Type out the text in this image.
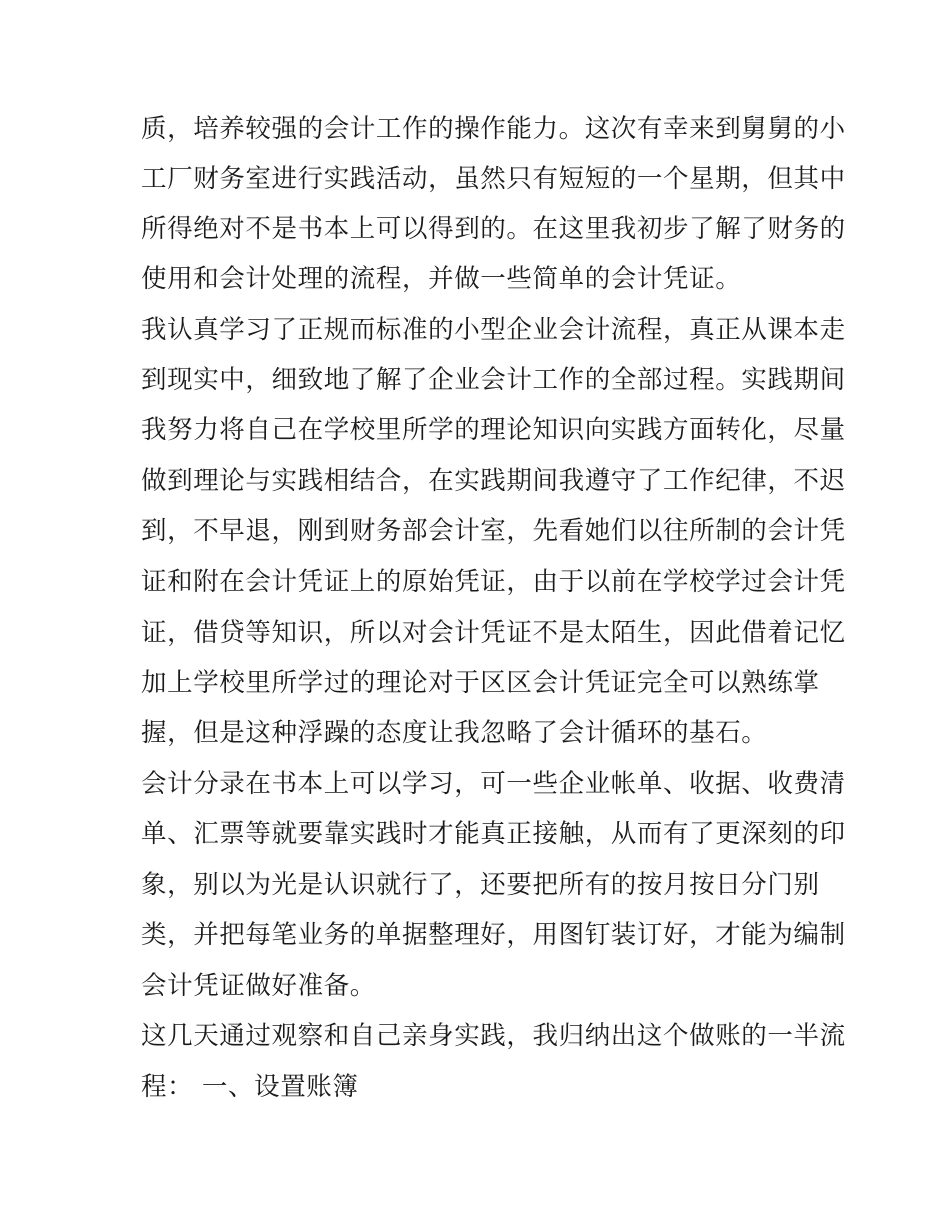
质，培养较强的会计工作的操作能力。这次有幸来到舅舅的小
工厂财务室进行实践活动，虽然只有短短的一个星期，但其中
所得绝对不是书本上可以得到的。在这里我初步了解了财务的
使用和会计处理的流程，并做一些简单的会计凭证。
我认真学习了正规而标准的小型企业会计流程，真正从课本走
到现实中，细致地了解了企业会计工作的全部过程。实践期间
我努力将自己在学校里所学的理论知识向实践方面转化，尽量
做到理论与实践相结合，在实践期间我遵守了工作纪律，不迟
到，不早退，刚到财务部会计室，先看她们以往所制的会计凭
证和附在会计凭证上的原始凭证，由于以前在学校学过会计凭
证，借贷等知识，所以对会计凭证不是太陌生，因此借着记忆
加上学校里所学过的理论对于区区会计凭证完全可以熟练掌
握，但是这种浮躁的态度让我忽略了会计循环的基石。
会计分录在书本上可以学习，可一些企业帐单、收据、收费清
单、汇票等就要靠实践时才能真正接触，从而有了更深刻的印
象，别以为光是认识就行了，还要把所有的按月按日分门别
类，并把每笔业务的单据整理好，用图钉装订好，才能为编制
会计凭证做好准备。
这几天通过观察和自己亲身实践，我归纳出这个做账的一半流
程： 一、设置账簿
